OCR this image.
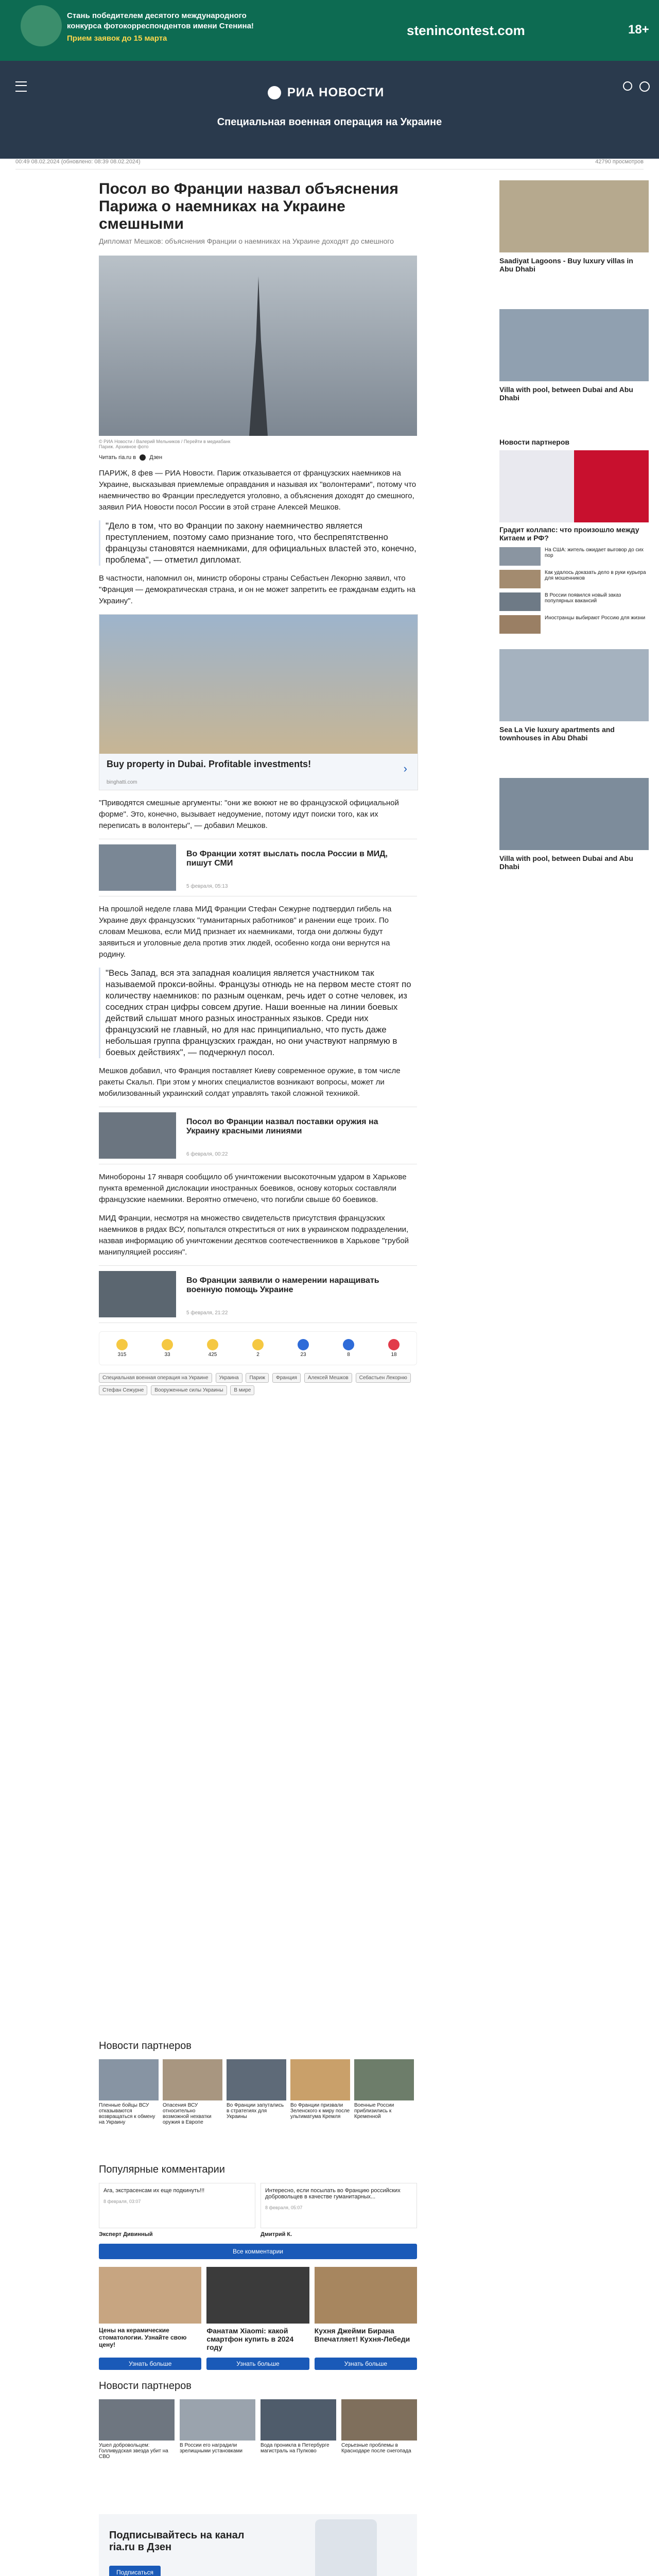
Стань победителем десятого международного
конкурса фотокорреспондентов имени Стенина!
Прием заявок до 15 марта
stenincontest.com	18+
РИА НОВОСТИ
Специальная военная операция на Украине
00:49 08.02.2024 (обновлено: 08:39 08.02.2024)	42790 просмотров
Посол во Франции назвал объяснения Парижа о наемниках на Украине смешными
Дипломат Мешков: объяснения Франции о наемниках на Украине доходят до смешного
© РИА Новости / Валерий Мельников / Перейти в медиабанк
Париж. Архивное фото
Читать ria.ru в Дзен

ПАРИЖ, 8 фев — РИА Новости. Париж отказывается от французских наемников на Украине, высказывая приемлемые оправдания и называя их "волонтерами", потому что наемничество во Франции преследуется уголовно, а объяснения доходят до смешного, заявил РИА Новости посол России в этой стране Алексей Мешков.

"Дело в том, что во Франции по закону наемничество является преступлением, поэтому само признание того, что беспрепятственно французы становятся наемниками, для официальных властей это, конечно, проблема", — отметил дипломат.

В частности, напомнил он, министр обороны страны Себастьен Лекорню заявил, что "Франция — демократическая страна, и он не может запретить ее гражданам ездить на Украину".

Buy property in Dubai. Profitable investments!
binghatti.com
›

"Приводятся смешные аргументы: "они же воюют не во французской официальной форме". Это, конечно, вызывает недоумение, потому идут поиски того, как их переписать в волонтеры", — добавил Мешков.

Во Франции хотят выслать посла России в МИД, пишут СМИ
5 февраля, 05:13

На прошлой неделе глава МИД Франции Стефан Сежурне подтвердил гибель на Украине двух французских "гуманитарных работников" и ранении еще троих. По словам Мешкова, если МИД признает их наемниками, тогда они должны будут заявиться и уголовные дела против этих людей, особенно когда они вернутся на родину.

"Весь Запад, вся эта западная коалиция является участником так называемой прокси-войны. Французы отнюдь не на первом месте стоят по количеству наемников: по разным оценкам, речь идет о сотне человек, из соседних стран цифры совсем другие. Наши военные на линии боевых действий слышат много разных иностранных языков. Среди них французский не главный, но для нас принципиально, что пусть даже небольшая группа французских граждан, но они участвуют напрямую в боевых действиях", — подчеркнул посол.

Мешков добавил, что Франция поставляет Киеву современное оружие, в том числе ракеты Скальп. При этом у многих специалистов возникают вопросы, может ли мобилизованный украинский солдат управлять такой сложной техникой.

Посол во Франции назвал поставки оружия на Украину красными линиями
6 февраля, 00:22

Минобороны 17 января сообщило об уничтожении высокоточным ударом в Харькове пункта временной дислокации иностранных боевиков, основу которых составляли французские наемники. Вероятно отмечено, что погибли свыше 60 боевиков.

МИД Франции, несмотря на множество свидетельств присутствия французских наемников в рядах ВСУ, попытался откреститься от них в украинском подразделении, назвав информацию об уничтожении десятков соотечественников в Харькове "грубой манипуляцией россиян".

Во Франции заявили о намерении наращивать военную помощь Украине
5 февраля, 21:22
315	33	425	2	23	8	18
Специальная военная операция на Украине Украина Париж Франция Алексей Мешков Себастьен Лекорню Стефан Сежурне Вооруженные силы Украины В мире
Новости партнеров
Пленные бойцы ВСУ отказываются возвращаться к обмену на Украину
Опасения ВСУ относительно возможной нехватки оружия в Европе
Во Франции запутались в стратегиях для Украины
Во Франции призвали Зеленского к миру после ультиматума Кремля
Военные России приблизились к Кременной
Популярные комментарии
Ага, экстрасенсам их еще подкинуть!!!
8 февраля, 03:07
Интересно, если посылать во Францию российских добровольцев в качестве гуманитарных...
8 февраля, 05:07
Эксперт Дивинный	Дмитрий К.
Все комментарии
Цены на керамические стоматологии. Узнайте свою цену!
Узнать больше
Фанатам Xiaomi: какой смартфон купить в 2024 году
Узнать больше
Кухня Джейми Бирана Впечатляет! Кухня-Лебеди
Узнать больше
Новости партнеров
Ушел добровольцем: Голливудская звезда убит на СВО
В России его наградили зрелищными установками
Вода проникла в Петербурге магистраль на Пулково
Серьезные проблемы в Краснодаре после снегопада
Подписывайтесь на канал ria.ru в Дзен
Подписаться
Saadiyat Lagoons - Buy luxury villas in Abu Dhabi
Villa with pool, between Dubai and Abu Dhabi
Новости партнеров
Градит коллапс: что произошло между Китаем и РФ?
На США: житель ожидает выговор до сих пор
Как удалось доказать дело в руки курьера для мошенников
В России появился новый заказ популярных вакансий
Иностранцы выбирают Россию для жизни
Sea La Vie luxury apartments and townhouses in Abu Dhabi
Villa with pool, between Dubai and Abu Dhabi
